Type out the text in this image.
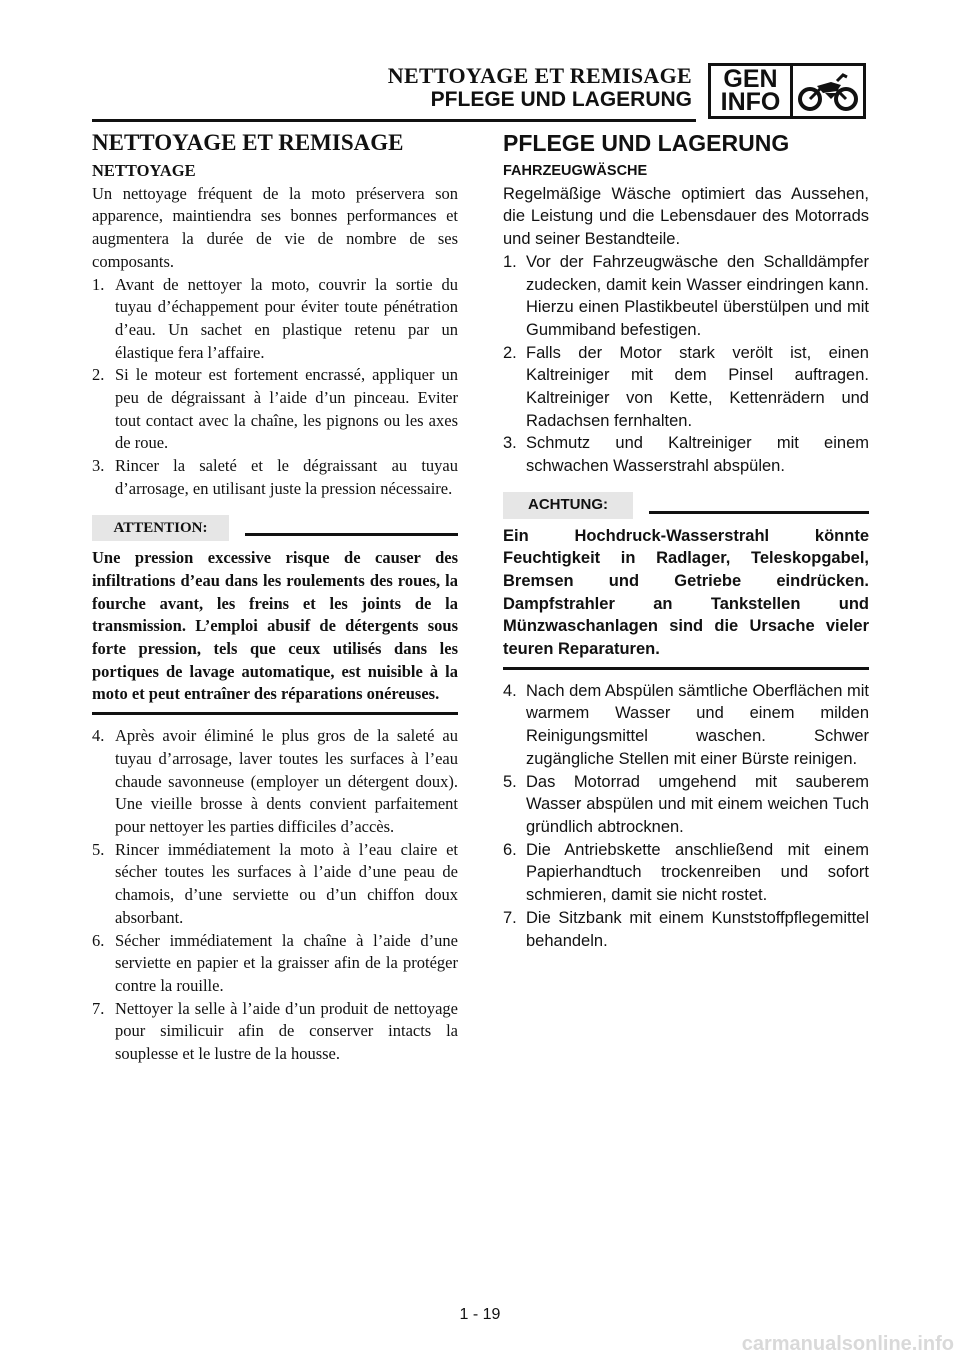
NETTOYAGE ET REMISAGE
PFLEGE UND LAGERUNG
GEN
INFO
NETTOYAGE ET REMISAGE
NETTOYAGE

Un nettoyage fréquent de la moto préservera son apparence, maintiendra ses bonnes performances et augmentera la durée de vie de nombre de ses composants.

1. Avant de nettoyer la moto, couvrir la sortie du tuyau d’échappement pour éviter toute pénétration d’eau. Un sachet en plastique retenu par un élastique fera l’affaire.
2. Si le moteur est fortement encrassé, appliquer un peu de dégraissant à l’aide d’un pinceau. Eviter tout contact avec la chaîne, les pignons ou les axes de roue.
3. Rincer la saleté et le dégraissant au tuyau d’arrosage, en utilisant juste la pression nécessaire.
ATTENTION:
Une pression excessive risque de causer des infiltrations d’eau dans les roulements des roues, la fourche avant, les freins et les joints de la transmission. L’emploi abusif de détergents sous forte pression, tels que ceux utilisés dans les portiques de lavage automatique, est nuisible à la moto et peut entraîner des réparations onéreuses.
4. Après avoir éliminé le plus gros de la saleté au tuyau d’arrosage, laver toutes les surfaces à l’eau chaude savonneuse (employer un détergent doux). Une vieille brosse à dents convient parfaitement pour nettoyer les parties difficiles d’accès.
5. Rincer immédiatement la moto à l’eau claire et sécher toutes les surfaces à l’aide d’une peau de chamois, d’une serviette ou d’un chiffon doux absorbant.
6. Sécher immédiatement la chaîne à l’aide d’une serviette en papier et la graisser afin de la protéger contre la rouille.
7. Nettoyer la selle à l’aide d’un produit de nettoyage pour similicuir afin de conserver intacts la souplesse et le lustre de la housse.
PFLEGE UND LAGERUNG
FAHRZEUGWÄSCHE

Regelmäßige Wäsche optimiert das Aussehen, die Leistung und die Lebensdauer des Motorrads und seiner Bestandteile.

1. Vor der Fahrzeugwäsche den Schalldämpfer zudecken, damit kein Wasser eindringen kann. Hierzu einen Plastikbeutel überstülpen und mit Gummiband befestigen.
2. Falls der Motor stark verölt ist, einen Kaltreiniger mit dem Pinsel auftragen. Kaltreiniger von Kette, Kettenrädern und Radachsen fernhalten.
3. Schmutz und Kaltreiniger mit einem schwachen Wasserstrahl abspülen.
ACHTUNG:
Ein Hochdruck-Wasserstrahl könnte Feuchtigkeit in Radlager, Teleskopgabel, Bremsen und Getriebe eindrücken. Dampfstrahler an Tankstellen und Münzwaschanlagen sind die Ursache vieler teuren Reparaturen.
4. Nach dem Abspülen sämtliche Oberflächen mit warmem Wasser und einem milden Reinigungsmittel waschen. Schwer zugängliche Stellen mit einer Bürste reinigen.
5. Das Motorrad umgehend mit sauberem Wasser abspülen und mit einem weichen Tuch gründlich abtrocknen.
6. Die Antriebskette anschließend mit einem Papierhandtuch trockenreiben und sofort schmieren, damit sie nicht rostet.
7. Die Sitzbank mit einem Kunststoffpflegemittel behandeln.
1 - 19
carmanualsonline.info
